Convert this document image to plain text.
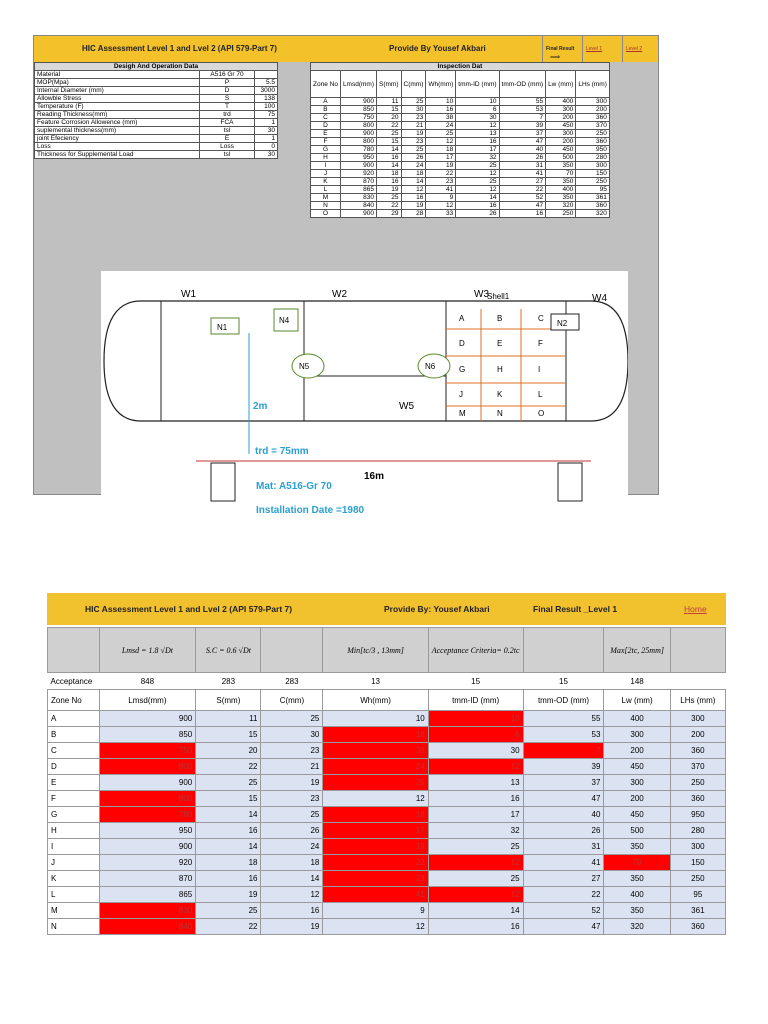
HIC Assessment Level 1 and Lvel 2 (API 579-Part 7)	Provide By Yousef Akbari	Final Result
⟹
Level 1	Level 2
Desigh And Operation Data		
Material	A516 Gr 70	
MOP(Mpa)	P	5.5
Internal Diameter (mm)	D	3000
Allowble Stress	S	138
Temperature (F)	T	100
Reading Thickness(mm)	trd	75
Feature Corrosion Allowence (mm)	FCA	1
suplemental thickness(mm)	tsl	30
joint Efeciency	E	1
Loss	Loss	0
Thickness for Supplemental Load	tsl	30
Inspection Dat								
Zone No	Lmsd(mm)	S(mm)	C(mm)	Wh(mm)	tmm-ID (mm)	tmm-OD (mm)	Lw (mm)	LHs (mm)
A	900	11	25	10	10	55	400	300
B	850	15	30	16	6	53	300	200
C	750	20	23	38	30	7	200	360
D	800	22	21	24	12	39	450	370
E	900	25	19	25	13	37	300	250
F	800	15	23	12	16	47	200	360
G	780	14	25	18	17	40	450	950
H	950	16	26	17	32	26	500	280
I	900	14	24	19	25	31	350	300
J	920	18	18	22	12	41	70	150
K	870	16	14	23	25	27	350	250
L	865	19	12	41	12	22	400	95
M	830	25	16	9	14	52	350	361
N	840	22	19	12	16	47	320	360
O	900	29	28	33	26	16	250	320
A	B	C
D	E	F
G	H	I
J	K	L
M	N	O
W1	W2	W3	W4
W5
Shell1
N1
N4	N2
N5	N6
2m
trd = 75mm
16m
Mat: A516-Gr 70
Installation Date =1980
HIC Assessment Level 1 and Lvel 2 (API 579-Part 7)	Provide By: Yousef Akbari	Final Result _Level 1	Home
	Lmsd = 1.8 √Dt	S.C = 0.6 √Dt		Min[tc/3 , 13mm]	Acceptance Criteria= 0.2tc		Max[2tc, 25mm]	
Acceptance	848	283	283	13	15	15	148	
Zone No	Lmsd(mm)	S(mm)	C(mm)	Wh(mm)	tmm-ID (mm)	tmm-OD (mm)	Lw (mm)	LHs (mm)
A	900	11	25	10	10	55	400	300
B	850	15	30	16	6	53	300	200
C	750	20	23	38	30	7	200	360
D	800	22	21	24	12	39	450	370
E	900	25	19	25	13	37	300	250
F	800	15	23	12	16	47	200	360
G	780	14	25	18	17	40	450	950
H	950	16	26	17	32	26	500	280
I	900	14	24	19	25	31	350	300
J	920	18	18	22	12	41	70	150
K	870	16	14	23	25	27	350	250
L	865	19	12	41	12	22	400	95
M	830	25	16	9	14	52	350	361
N	840	22	19	12	16	47	320	360
